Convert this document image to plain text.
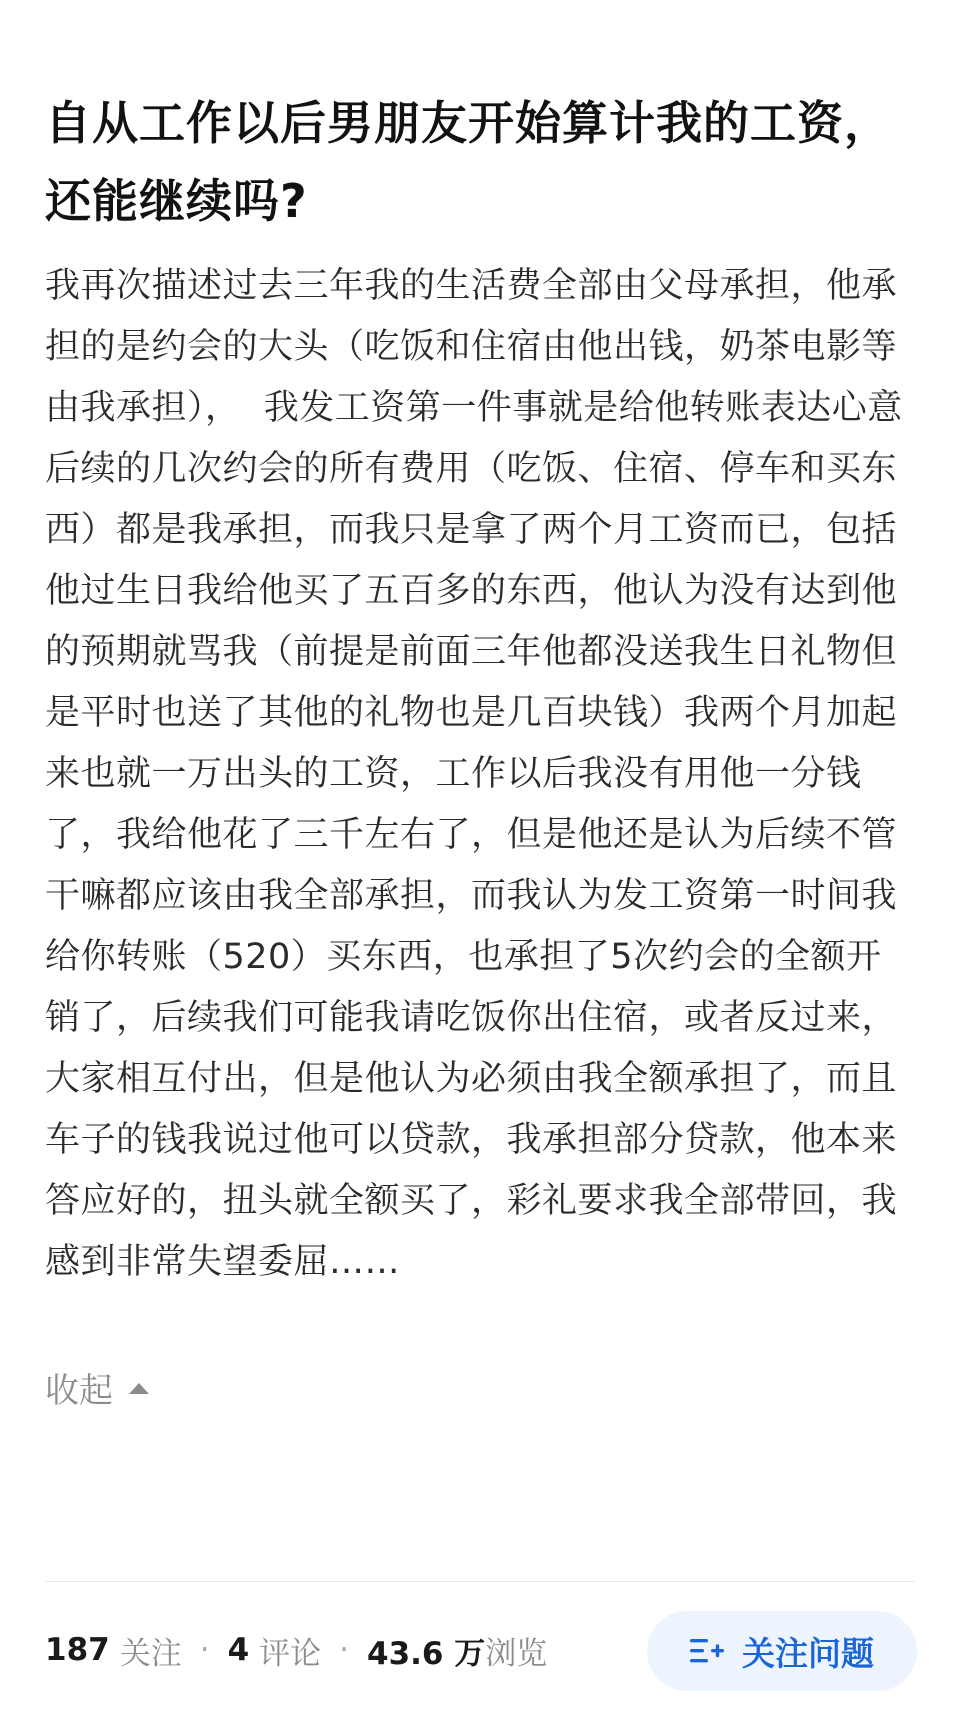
自从工作以后男朋友开始算计我的工资，还能继续吗?

我再次描述过去三年我的生活费全部由父母承担，他承担的是约会的大头（吃饭和住宿由他出钱，奶茶电影等由我承担），  我发工资第一件事就是给他转账表达心意 后续的几次约会的所有费用（吃饭、住宿、停车和买东西）都是我承担，而我只是拿了两个月工资而已，包括他过生日我给他买了五百多的东西，他认为没有达到他的预期就骂我（前提是前面三年他都没送我生日礼物但是平时也送了其他的礼物也是几百块钱）我两个月加起来也就一万出头的工资，工作以后我没有用他一分钱了，我给他花了三千左右了，但是他还是认为后续不管干嘛都应该由我全部承担，而我认为发工资第一时间我给你转账（520）买东西，也承担了5次约会的全额开销了，后续我们可能我请吃饭你出住宿，或者反过来，大家相互付出，但是他认为必须由我全额承担了，而且车子的钱我说过他可以贷款，我承担部分贷款，他本来答应好的，扭头就全额买了，彩礼要求我全部带回，我感到非常失望委屈……

收起
187 关注 · 4 评论 · 43.6 万 浏览	关注问题
